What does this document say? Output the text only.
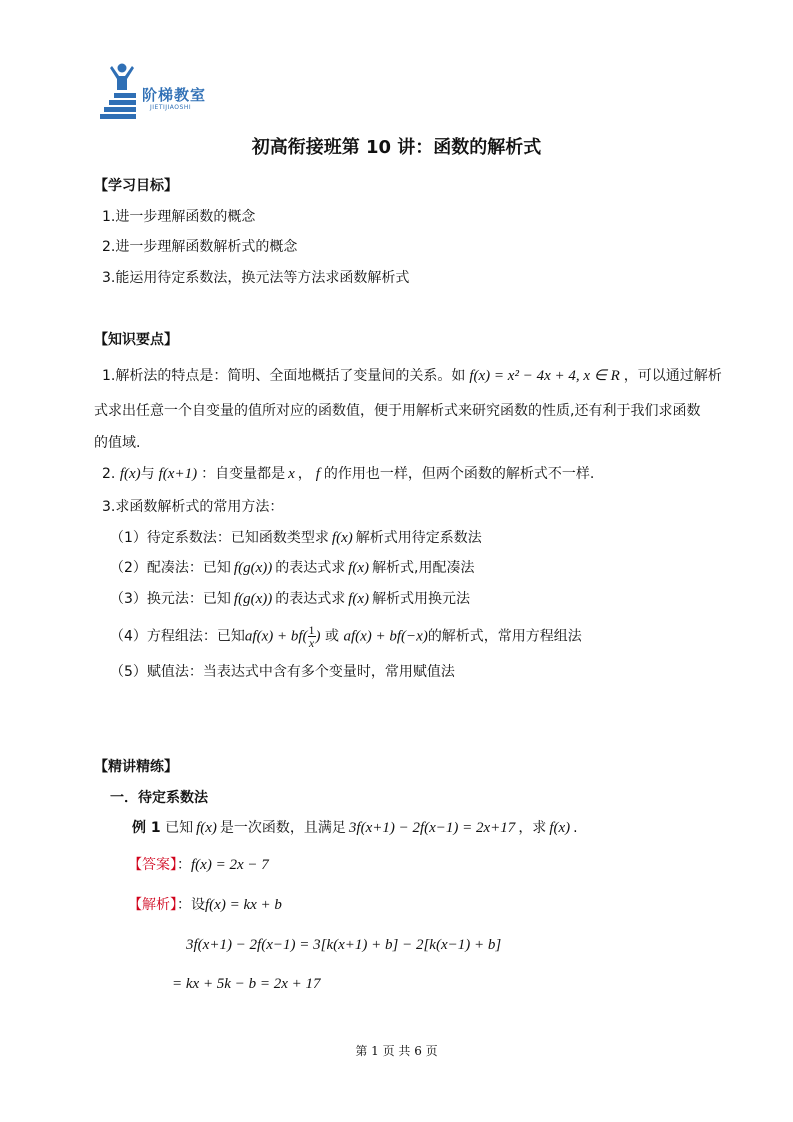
阶梯教室
JIETIJIAOSHI
初高衔接班第 10 讲：函数的解析式
【学习目标】
1.进一步理解函数的概念
2.进一步理解函数解析式的概念
3.能运用待定系数法，换元法等方法求函数解析式
【知识要点】
1.解析法的特点是：简明、全面地概括了变量间的关系。如 f(x) = x² − 4x + 4, x ∈ R ，可以通过解析
式求出任意一个自变量的值所对应的函数值，便于用解析式来研究函数的性质,还有利于我们求函数
的值域.
2. f(x)与 f(x+1) ：自变量都是 x ， f 的作用也一样，但两个函数的解析式不一样.
3.求函数解析式的常用方法：
（1）待定系数法：已知函数类型求 f(x) 解析式用待定系数法
（2）配凑法：已知 f(g(x)) 的表达式求 f(x) 解析式,用配凑法
（3）换元法：已知 f(g(x)) 的表达式求 f(x) 解析式用换元法
（4）方程组法：已知$af(x) + bf( \frac{1}{x}$ ) 或 af(x) + bf(−x)的解析式，常用方程组法
（5）赋值法：当表达式中含有多个变量时，常用赋值法
【精讲精练】
一．待定系数法
例 1 已知 f(x) 是一次函数，且满足 3f(x+1) − 2f(x−1) = 2x+17 ，求 f(x) .
【答案】：f(x) = 2x − 7
【解析】：设f(x) = kx + b
3f(x+1) − 2f(x−1) = 3[k(x+1) + b] − 2[k(x−1) + b]
= kx + 5k − b = 2x + 17
第 1 页 共 6 页
